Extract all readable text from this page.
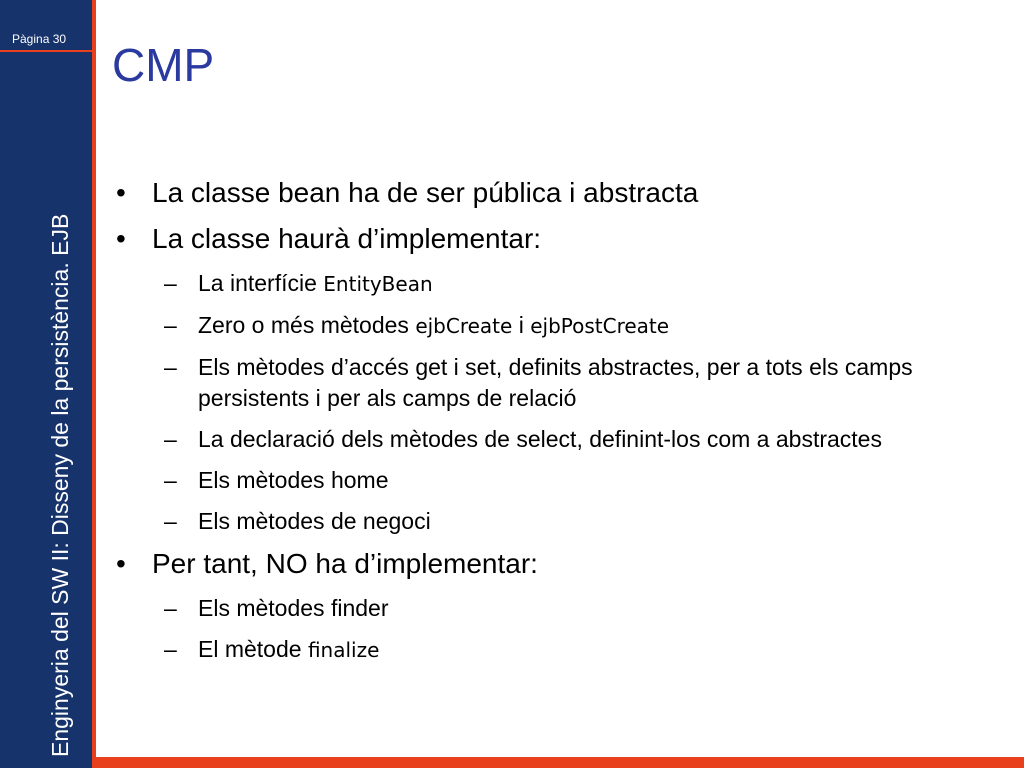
Pàgina 30
Enginyeria del SW II: Disseny de la persistència. EJB
CMP
• La classe bean ha de ser pública i abstracta
• La classe haurà d’implementar:
– La interfície EntityBean
– Zero o més mètodes ejbCreate i ejbPostCreate
– Els mètodes d’accés get i set, definits abstractes, per a tots els camps persistents i per als camps de relació
– La declaració dels mètodes de select, definint-los com a abstractes
– Els mètodes home
– Els mètodes de negoci
• Per tant, NO ha d’implementar:
– Els mètodes finder
– El mètode finalize
